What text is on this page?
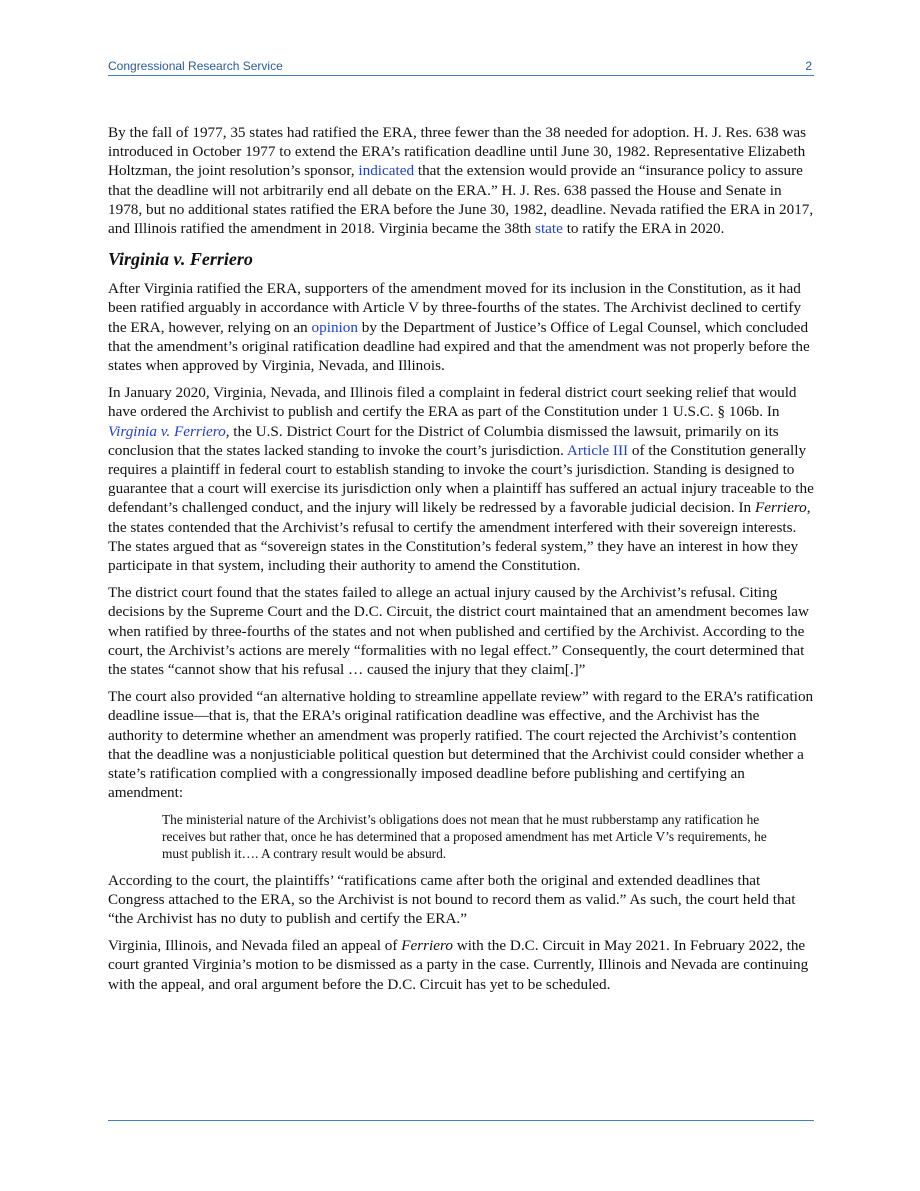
Congressional Research Service	2

By the fall of 1977, 35 states had ratified the ERA, three fewer than the 38 needed for adoption. H. J. Res. 638 was introduced in October 1977 to extend the ERA’s ratification deadline until June 30, 1982. Representative Elizabeth Holtzman, the joint resolution’s sponsor, indicated that the extension would provide an “insurance policy to assure that the deadline will not arbitrarily end all debate on the ERA.” H. J. Res. 638 passed the House and Senate in 1978, but no additional states ratified the ERA before the June 30, 1982, deadline. Nevada ratified the ERA in 2017, and Illinois ratified the amendment in 2018. Virginia became the 38th state to ratify the ERA in 2020.

Virginia v. Ferriero

After Virginia ratified the ERA, supporters of the amendment moved for its inclusion in the Constitution, as it had been ratified arguably in accordance with Article V by three-fourths of the states. The Archivist declined to certify the ERA, however, relying on an opinion by the Department of Justice’s Office of Legal Counsel, which concluded that the amendment’s original ratification deadline had expired and that the amendment was not properly before the states when approved by Virginia, Nevada, and Illinois.

In January 2020, Virginia, Nevada, and Illinois filed a complaint in federal district court seeking relief that would have ordered the Archivist to publish and certify the ERA as part of the Constitution under 1 U.S.C. § 106b. In Virginia v. Ferriero, the U.S. District Court for the District of Columbia dismissed the lawsuit, primarily on its conclusion that the states lacked standing to invoke the court’s jurisdiction. Article III of the Constitution generally requires a plaintiff in federal court to establish standing to invoke the court’s jurisdiction. Standing is designed to guarantee that a court will exercise its jurisdiction only when a plaintiff has suffered an actual injury traceable to the defendant’s challenged conduct, and the injury will likely be redressed by a favorable judicial decision. In Ferriero, the states contended that the Archivist’s refusal to certify the amendment interfered with their sovereign interests. The states argued that as “sovereign states in the Constitution’s federal system,” they have an interest in how they participate in that system, including their authority to amend the Constitution.

The district court found that the states failed to allege an actual injury caused by the Archivist’s refusal. Citing decisions by the Supreme Court and the D.C. Circuit, the district court maintained that an amendment becomes law when ratified by three-fourths of the states and not when published and certified by the Archivist. According to the court, the Archivist’s actions are merely “formalities with no legal effect.” Consequently, the court determined that the states “cannot show that his refusal … caused the injury that they claim[.]”

The court also provided “an alternative holding to streamline appellate review” with regard to the ERA’s ratification deadline issue—that is, that the ERA’s original ratification deadline was effective, and the Archivist has the authority to determine whether an amendment was properly ratified. The court rejected the Archivist’s contention that the deadline was a nonjusticiable political question but determined that the Archivist could consider whether a state’s ratification complied with a congressionally imposed deadline before publishing and certifying an amendment:

The ministerial nature of the Archivist’s obligations does not mean that he must rubberstamp any ratification he receives but rather that, once he has determined that a proposed amendment has met Article V’s requirements, he must publish it…. A contrary result would be absurd.

According to the court, the plaintiffs’ “ratifications came after both the original and extended deadlines that Congress attached to the ERA, so the Archivist is not bound to record them as valid.” As such, the court held that “the Archivist has no duty to publish and certify the ERA.”

Virginia, Illinois, and Nevada filed an appeal of Ferriero with the D.C. Circuit in May 2021. In February 2022, the court granted Virginia’s motion to be dismissed as a party in the case. Currently, Illinois and Nevada are continuing with the appeal, and oral argument before the D.C. Circuit has yet to be scheduled.
